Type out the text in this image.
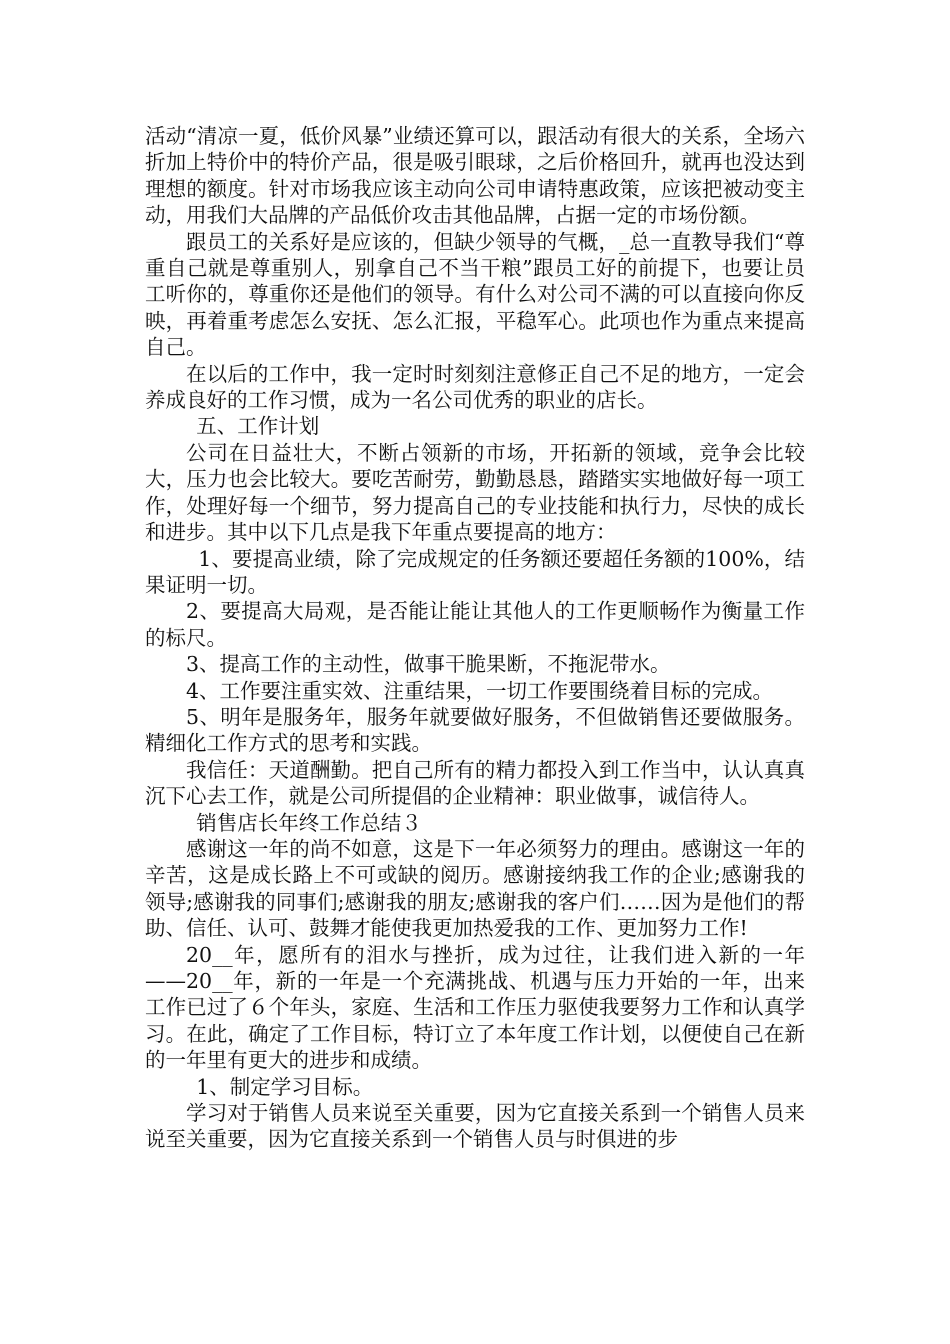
活动“清凉一夏，低价风暴”业绩还算可以，跟活动有很大的关系，全场六折加上特价中的特价产品，很是吸引眼球，之后价格回升，就再也没达到理想的额度。针对市场我应该主动向公司申请特惠政策，应该把被动变主动，用我们大品牌的产品低价攻击其他品牌，占据一定的市场份额。

跟员工的关系好是应该的，但缺少领导的气概，_总一直教导我们“尊重自己就是尊重别人，别拿自己不当干粮”跟员工好的前提下，也要让员工听你的，尊重你还是他们的领导。有什么对公司不满的可以直接向你反映，再着重考虑怎么安抚、怎么汇报，平稳军心。此项也作为重点来提高自己。

在以后的工作中，我一定时时刻刻注意修正自己不足的地方，一定会养成良好的工作习惯，成为一名公司优秀的职业的店长。

五、工作计划

公司在日益壮大，不断占领新的市场，开拓新的领域，竞争会比较大，压力也会比较大。要吃苦耐劳，勤勤恳恳，踏踏实实地做好每一项工作，处理好每一个细节，努力提高自己的专业技能和执行力，尽快的成长和进步。其中以下几点是我下年重点要提高的地方：

1、要提高业绩，除了完成规定的任务额还要超任务额的100%，结果证明一切。

2、要提高大局观，是否能让能让其他人的工作更顺畅作为衡量工作的标尺。

3、提高工作的主动性，做事干脆果断，不拖泥带水。

4、工作要注重实效、注重结果，一切工作要围绕着目标的完成。

5、明年是服务年，服务年就要做好服务，不但做销售还要做服务。精细化工作方式的思考和实践。

我信任：天道酬勤。把自己所有的精力都投入到工作当中，认认真真沉下心去工作，就是公司所提倡的企业精神：职业做事，诚信待人。

销售店长年终工作总结３

感谢这一年的尚不如意，这是下一年必须努力的理由。感谢这一年的辛苦，这是成长路上不可或缺的阅历。感谢接纳我工作的企业;感谢我的领导;感谢我的同事们;感谢我的朋友;感谢我的客户们……因为是他们的帮助、信任、认可、鼓舞才能使我更加热爱我的工作、更加努力工作!

20__年，愿所有的泪水与挫折，成为过往，让我们进入新的一年——20__年，新的一年是一个充满挑战、机遇与压力开始的一年，出来工作已过了６个年头，家庭、生活和工作压力驱使我要努力工作和认真学习。在此，确定了工作目标，特订立了本年度工作计划，以便使自己在新的一年里有更大的进步和成绩。

1、制定学习目标。

学习对于销售人员来说至关重要，因为它直接关系到一个销售人员来说至关重要，因为它直接关系到一个销售人员与时俱进的步
